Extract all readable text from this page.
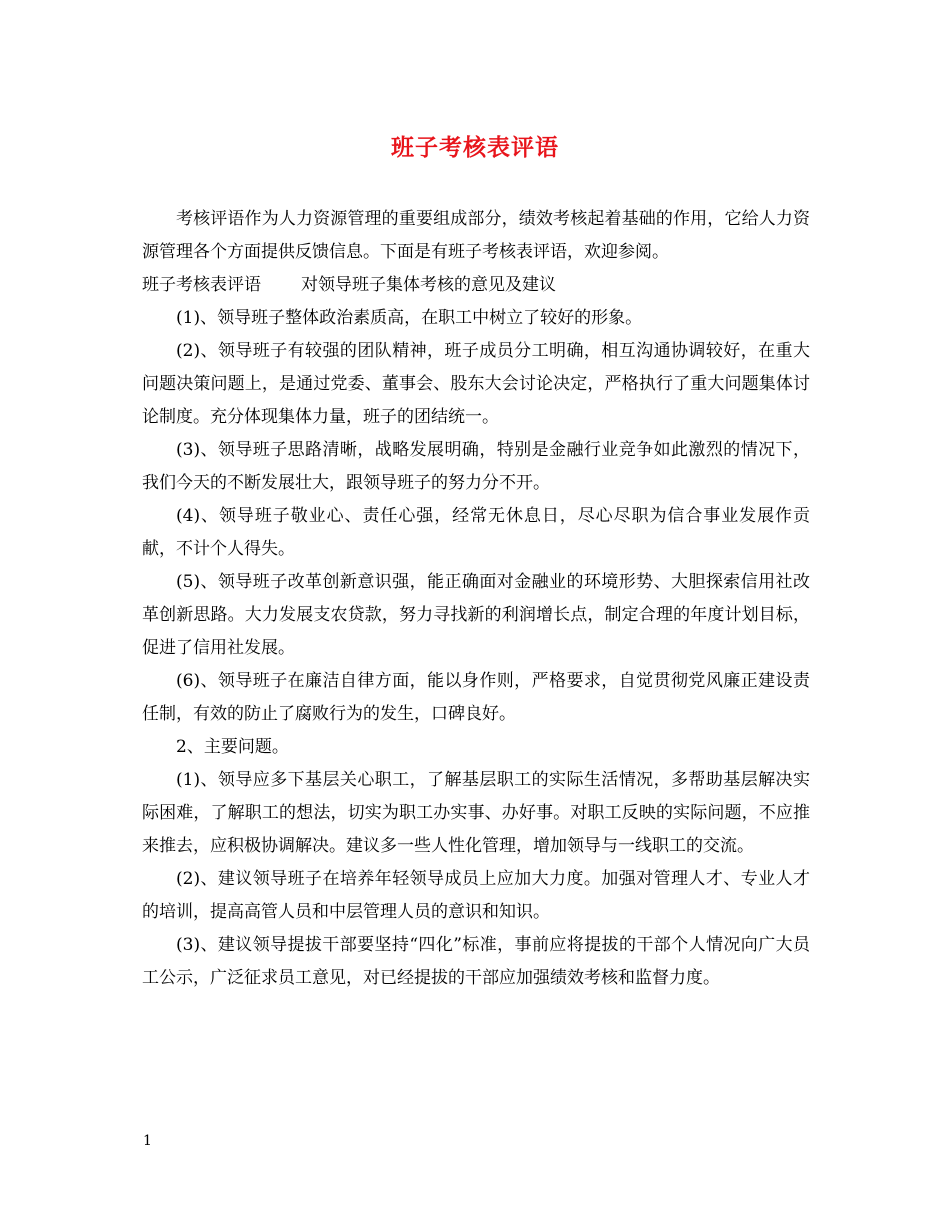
班子考核表评语

考核评语作为人力资源管理的重要组成部分，绩效考核起着基础的作用，它给人力资源管理各个方面提供反馈信息。下面是有班子考核表评语，欢迎参阅。

班子考核表评语 对领导班子集体考核的意见及建议

(1)、领导班子整体政治素质高，在职工中树立了较好的形象。

(2)、领导班子有较强的团队精神，班子成员分工明确，相互沟通协调较好，在重大问题决策问题上，是通过党委、董事会、股东大会讨论决定，严格执行了重大问题集体讨论制度。充分体现集体力量，班子的团结统一。

(3)、领导班子思路清晰，战略发展明确，特别是金融行业竞争如此激烈的情况下，我们今天的不断发展壮大，跟领导班子的努力分不开。

(4)、领导班子敬业心、责任心强，经常无休息日，尽心尽职为信合事业发展作贡献，不计个人得失。

(5)、领导班子改革创新意识强，能正确面对金融业的环境形势、大胆探索信用社改革创新思路。大力发展支农贷款，努力寻找新的利润增长点，制定合理的年度计划目标，促进了信用社发展。

(6)、领导班子在廉洁自律方面，能以身作则，严格要求，自觉贯彻党风廉正建设责任制，有效的防止了腐败行为的发生，口碑良好。

2、主要问题。

(1)、领导应多下基层关心职工，了解基层职工的实际生活情况，多帮助基层解决实际困难，了解职工的想法，切实为职工办实事、办好事。对职工反映的实际问题，不应推来推去，应积极协调解决。建议多一些人性化管理，增加领导与一线职工的交流。

(2)、建议领导班子在培养年轻领导成员上应加大力度。加强对管理人才、专业人才的培训，提高高管人员和中层管理人员的意识和知识。

(3)、建议领导提拔干部要坚持“四化”标准，事前应将提拔的干部个人情况向广大员工公示，广泛征求员工意见，对已经提拔的干部应加强绩效考核和监督力度。

1
